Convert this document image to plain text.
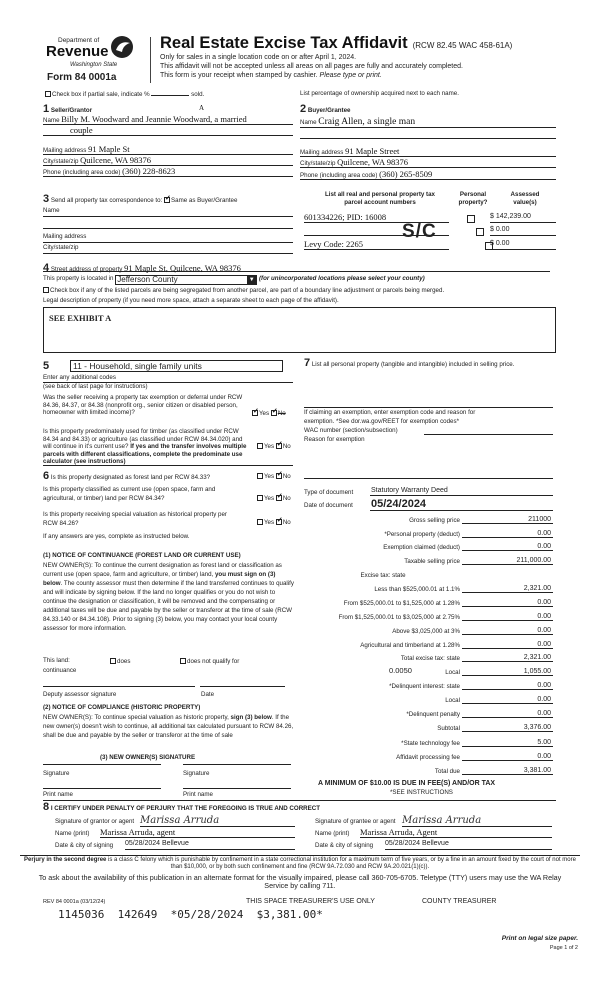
Department of
Revenue
Washington State
Form 84 0001a
Real Estate Excise Tax Affidavit (RCW 82.45 WAC 458-61A)
Only for sales in a single location code on or after April 1, 2024.
This affidavit will not be accepted unless all areas on all pages are fully and accurately completed.
This form is your receipt when stamped by cashier. Please type or print.
Check box if partial sale, indicate %	sold.	List percentage of ownership acquired next to each name.
1 Seller/Grantor	A
Name Billy M. Woodward and Jeannie Woodward, a married
couple
Mailing address 91 Maple St
City/state/zip Quilcene, WA 98376
Phone (including area code) (360) 228-8623
2 Buyer/Grantee
Name Craig Allen, a single man
Mailing address 91 Maple Street
City/state/zip Quilcene, WA 98376
Phone (including area code) (360) 265-8509
3 Send all property tax correspondence to: ✓ Same as Buyer/Grantee
Name
Mailing address
City/state/zip
List all real and personal property tax
parcel account numbers
Personal
property?
Assessed
value(s)
601334226; PID: 16008	$ 142,239.00
$ 0.00
Levy Code: 2265	$ 0.00
S/C
4 Street address of property 91 Maple St, Quilcene, WA 98376
This property is located in Jefferson County	▼ (for unincorporated locations please select your county)
Check box if any of the listed parcels are being segregated from another parcel, are part of a boundary line adjustment or parcels being merged.
Legal description of property (if you need more space, attach a separate sheet to each page of the affidavit).
SEE EXHIBIT A
5	11 - Household, single family units
Enter any additional codes
(see back of last page for instructions)
Was the seller receiving a property tax exemption or deferral under RCW 84.36, 84.37, or 84.38 (nonprofit org., senior citizen or disabled person, homeowner with limited income)? ✓	Yes ✓ No
Is this property predominately used for timber (as classified under RCW 84.34 and 84.33) or agriculture (as classified under RCW 84.34.020) and will continue in it's current use? If yes and the transfer involves multiple parcels with different classifications, complete the predominate use calculator (see instructions)
Yes ✓ No
6 Is this property designated as forest land per RCW 84.33?	Yes ✓ No
Is this property classified as current use (open space, farm and agricultural, or timber) land per RCW 84.34?	Yes ✓ No
Is this property receiving special valuation as historical property per RCW 84.26?	Yes ✓ No
If any answers are yes, complete as instructed below.
(1) NOTICE OF CONTINUANCE (FOREST LAND OR CURRENT USE)
NEW OWNER(S): To continue the current designation as forest land or classification as current use (open space, farm and agriculture, or timber) land, you must sign on (3) below. The county assessor must then determine if the land transferred continues to qualify and will indicate by signing below. If the land no longer qualifies or you do not wish to continue the designation or classification, it will be removed and the compensating or additional taxes will be due and payable by the seller or transferor at the time of sale (RCW 84.33.140 or 84.34.108). Prior to signing (3) below, you may contact your local county assessor for more information.
This land:
continuance
does	does not qualify for
Deputy assessor signature	Date
(2) NOTICE OF COMPLIANCE (HISTORIC PROPERTY)
NEW OWNER(S): To continue special valuation as historic property, sign (3) below. If the new owner(s) doesn't wish to continue, all additional tax calculated pursuant to RCW 84.26, shall be due and payable by the seller or transferor at the time of sale
(3) NEW OWNER(S) SIGNATURE
Signature	Signature
Print name	Print name
7 List all personal property (tangible and intangible) included in selling price.
If claiming an exemption, enter exemption code and reason for
exemption. *See dor.wa.gov/REET for exemption codes*
WAC number (section/subsection)
Reason for exemption
Type of document	Statutory Warranty Deed
Date of document 05/24/2024
Gross selling price	211000
*Personal property (deduct)	0.00
Exemption claimed (deduct)	0.00
Taxable selling price	211,000.00
Excise tax: state
Less than $525,000.01 at 1.1%	2,321.00
From $525,000.01 to $1,525,000 at 1.28%	0.00
From $1,525,000.01 to $3,025,000 at 2.75%	0.00
Above $3,025,000 at 3%	0.00
Agricultural and timberland at 1.28%	0.00
Total excise tax: state	2,321.00
Local	1,055.00
*Delinquent interest: state	0.00
Local	0.00
*Delinquent penalty	0.00
Subtotal	3,376.00
*State technology fee	5.00
Affidavit processing fee	0.00
Total due	3,381.00
0.0050
A MINIMUM OF $10.00 IS DUE IN FEE(S) AND/OR TAX
*SEE INSTRUCTIONS
8 I CERTIFY UNDER PENALTY OF PERJURY THAT THE FOREGOING IS TRUE AND CORRECT
Signature of grantor or agent Marissa Arruda
Name (print) Marissa Arruda, agent
Date & city of signing 05/28/2024 Bellevue
Signature of grantee or agent Marissa Arruda
Name (print) Marissa Arruda, Agent
Date & city of signing 05/28/2024 Bellevue
Perjury in the second degree is a class C felony which is punishable by confinement in a state correctional institution for a maximum term of five years, or by a fine in an amount fixed by the court of not more than $10,000, or by both such confinement and fine (RCW 9A.72.030 and RCW 9A.20.021(1)(c)).
To ask about the availability of this publication in an alternate format for the visually impaired, please call 360-705-6705. Teletype (TTY) users may use the WA Relay Service by calling 711.
REV 84 0001a (03/12/24)	THIS SPACE TREASURER'S USE ONLY	COUNTY TREASURER
1145036  142649  *05/28/2024  $3,381.00*
Print on legal size paper.
Page 1 of 2
